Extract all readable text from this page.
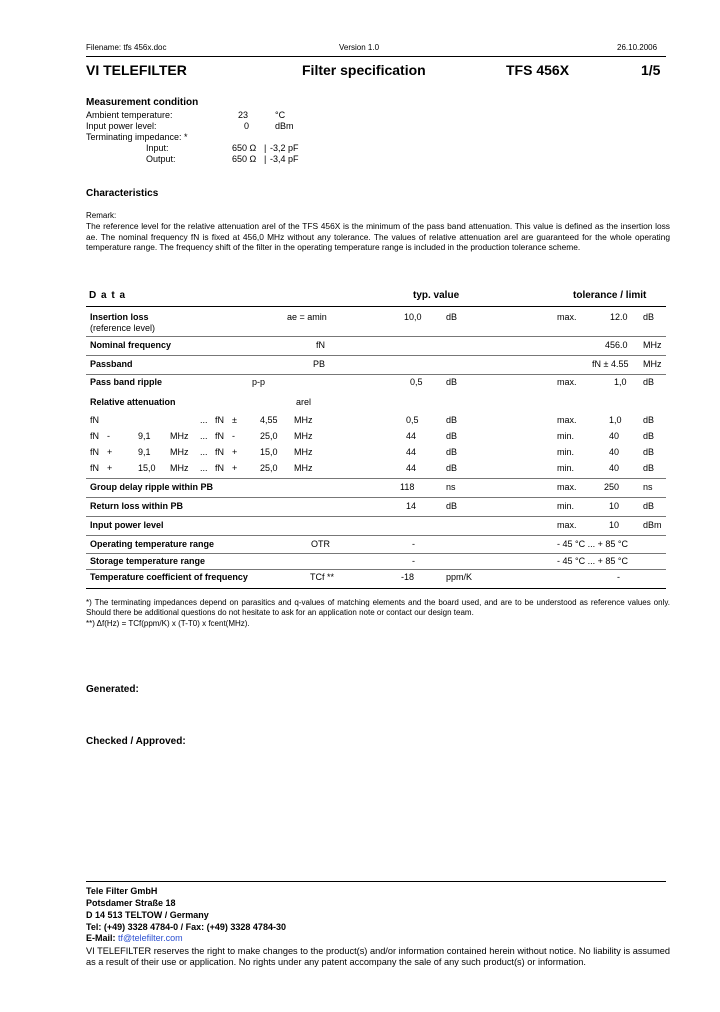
Filename: tfs 456x.doc	Version 1.0	26.10.2006
VI TELEFILTER	Filter specification	TFS 456X	1/5
Measurement condition
Ambient temperature:	23	°C
Input power level:	0	dBm
Terminating impedance: *
Input:	650 Ω | -3,2 pF
Output:	650 Ω | -3,4 pF
Characteristics
Remark:
The reference level for the relative attenuation arel of the TFS 456X is the minimum of the pass band attenuation. This value is defined as the insertion loss ae. The nominal frequency fN is fixed at 456,0 MHz without any tolerance. The values of relative attenuation arel are guaranteed for the whole operating temperature range. The frequency shift of the filter in the operating temperature range is included in the production tolerance scheme.
D a t a	typ. value	tolerance / limit
Insertion loss	ae = amin	10,0	dB	max.	12.0 dB
(reference level)
Nominal frequency	fN	456.0 MHz
Passband	PB	fN ± 4.55 MHz
Pass band ripple	p-p	0,5	dB	max.	1,0 dB
Relative attenuation	arel
fN	... fN ±	4,55 MHz	0,5	dB	max.	1,0 dB
fN -	9,1 MHz ... fN -	25,0 MHz	44	dB	min.	40	dB
fN +	9,1 MHz ... fN +	15,0 MHz	44	dB	min.	40	dB
fN +	15,0 MHz ... fN +	25,0 MHz	44	dB	min.	40	dB
Group delay ripple within PB	118	ns	max.	250	ns
Return loss within PB	14	dB	min.	10	dB
Input power level	max.	10	dBm
Operating temperature range	OTR	-	- 45 °C ... + 85 °C
Storage temperature range	-	- 45 °C ... + 85 °C
Temperature coefficient of frequency	TCf **	-18	ppm/K	-
*) The terminating impedances depend on parasitics and q-values of matching elements and the board used, and are to be understood as reference values only. Should there be additional questions do not hesitate to ask for an application note or contact our design team.
**) Δf(Hz) = TCf(ppm/K) x (T-T0) x fcent(MHz).
Generated:
Checked / Approved:
Tele Filter GmbH
Potsdamer Straße 18
D 14 513 TELTOW / Germany
Tel: (+49) 3328 4784-0 / Fax: (+49) 3328 4784-30
E-Mail: tf@telefilter.com
VI TELEFILTER reserves the right to make changes to the product(s) and/or information contained herein without notice. No liability is assumed as a result of their use or application. No rights under any patent accompany the sale of any such product(s) or information.
